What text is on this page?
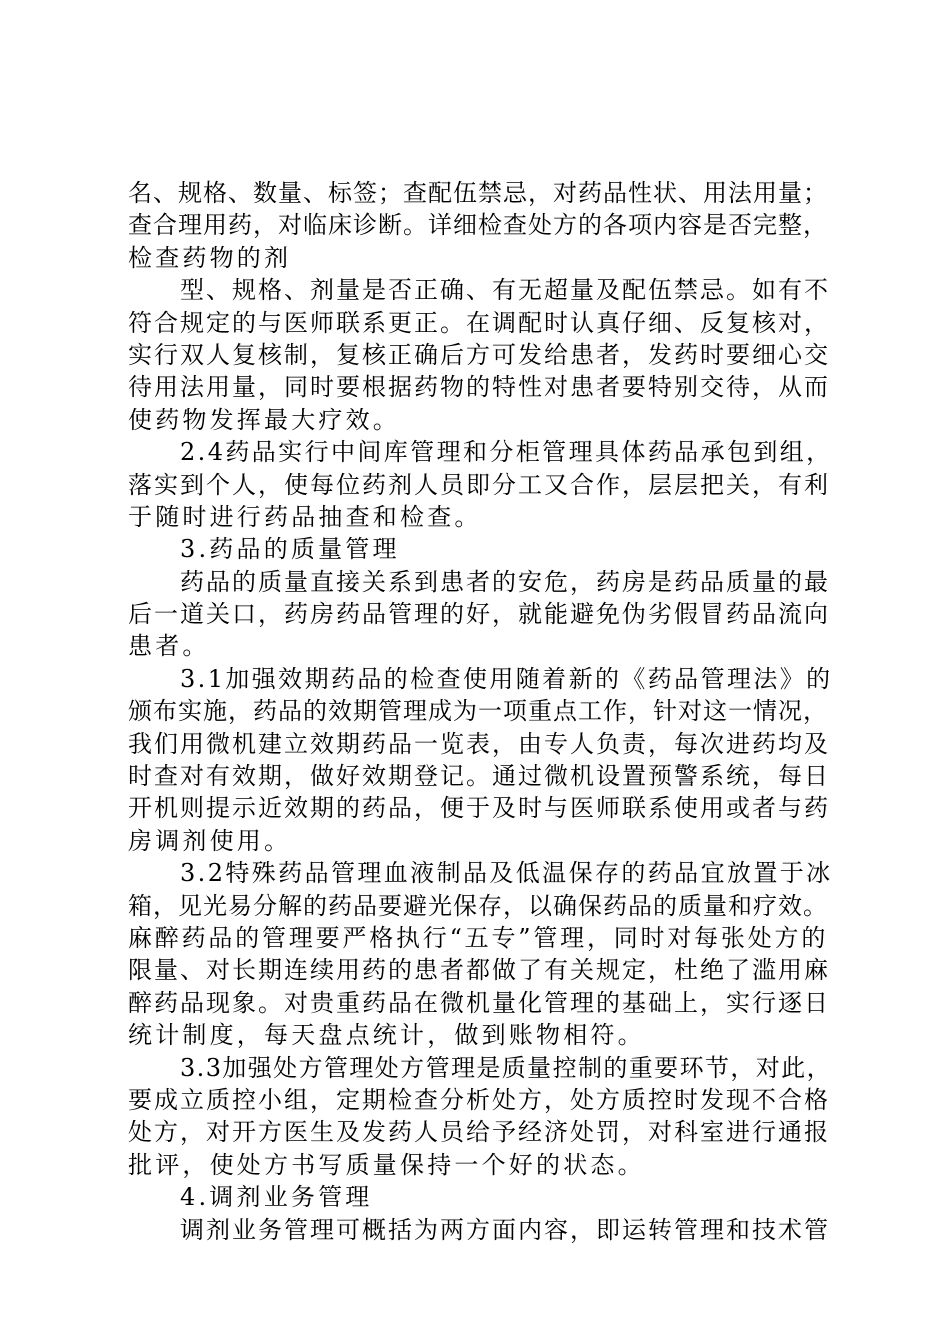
名、规格、数量、标签；查配伍禁忌，对药品性状、用法用量；
查合理用药，对临床诊断。详细检查处方的各项内容是否完整，
检查药物的剂
型、规格、剂量是否正确、有无超量及配伍禁忌。如有不
符合规定的与医师联系更正。在调配时认真仔细、反复核对，
实行双人复核制，复核正确后方可发给患者，发药时要细心交
待用法用量，同时要根据药物的特性对患者要特别交待，从而
使药物发挥最大疗效。
2.4药品实行中间库管理和分柜管理具体药品承包到组，
落实到个人，使每位药剂人员即分工又合作，层层把关，有利
于随时进行药品抽查和检查。
3.药品的质量管理
药品的质量直接关系到患者的安危，药房是药品质量的最
后一道关口，药房药品管理的好，就能避免伪劣假冒药品流向
患者。
3.1加强效期药品的检查使用随着新的《药品管理法》的
颁布实施，药品的效期管理成为一项重点工作，针对这一情况，
我们用微机建立效期药品一览表，由专人负责，每次进药均及
时查对有效期，做好效期登记。通过微机设置预警系统，每日
开机则提示近效期的药品，便于及时与医师联系使用或者与药
房调剂使用。
3.2特殊药品管理血液制品及低温保存的药品宜放置于冰
箱，见光易分解的药品要避光保存，以确保药品的质量和疗效。
麻醉药品的管理要严格执行“五专”管理，同时对每张处方的
限量、对长期连续用药的患者都做了有关规定，杜绝了滥用麻
醉药品现象。对贵重药品在微机量化管理的基础上，实行逐日
统计制度，每天盘点统计，做到账物相符。
3.3加强处方管理处方管理是质量控制的重要环节，对此，
要成立质控小组，定期检查分析处方，处方质控时发现不合格
处方，对开方医生及发药人员给予经济处罚，对科室进行通报
批评，使处方书写质量保持一个好的状态。
4.调剂业务管理
调剂业务管理可概括为两方面内容，即运转管理和技术管
